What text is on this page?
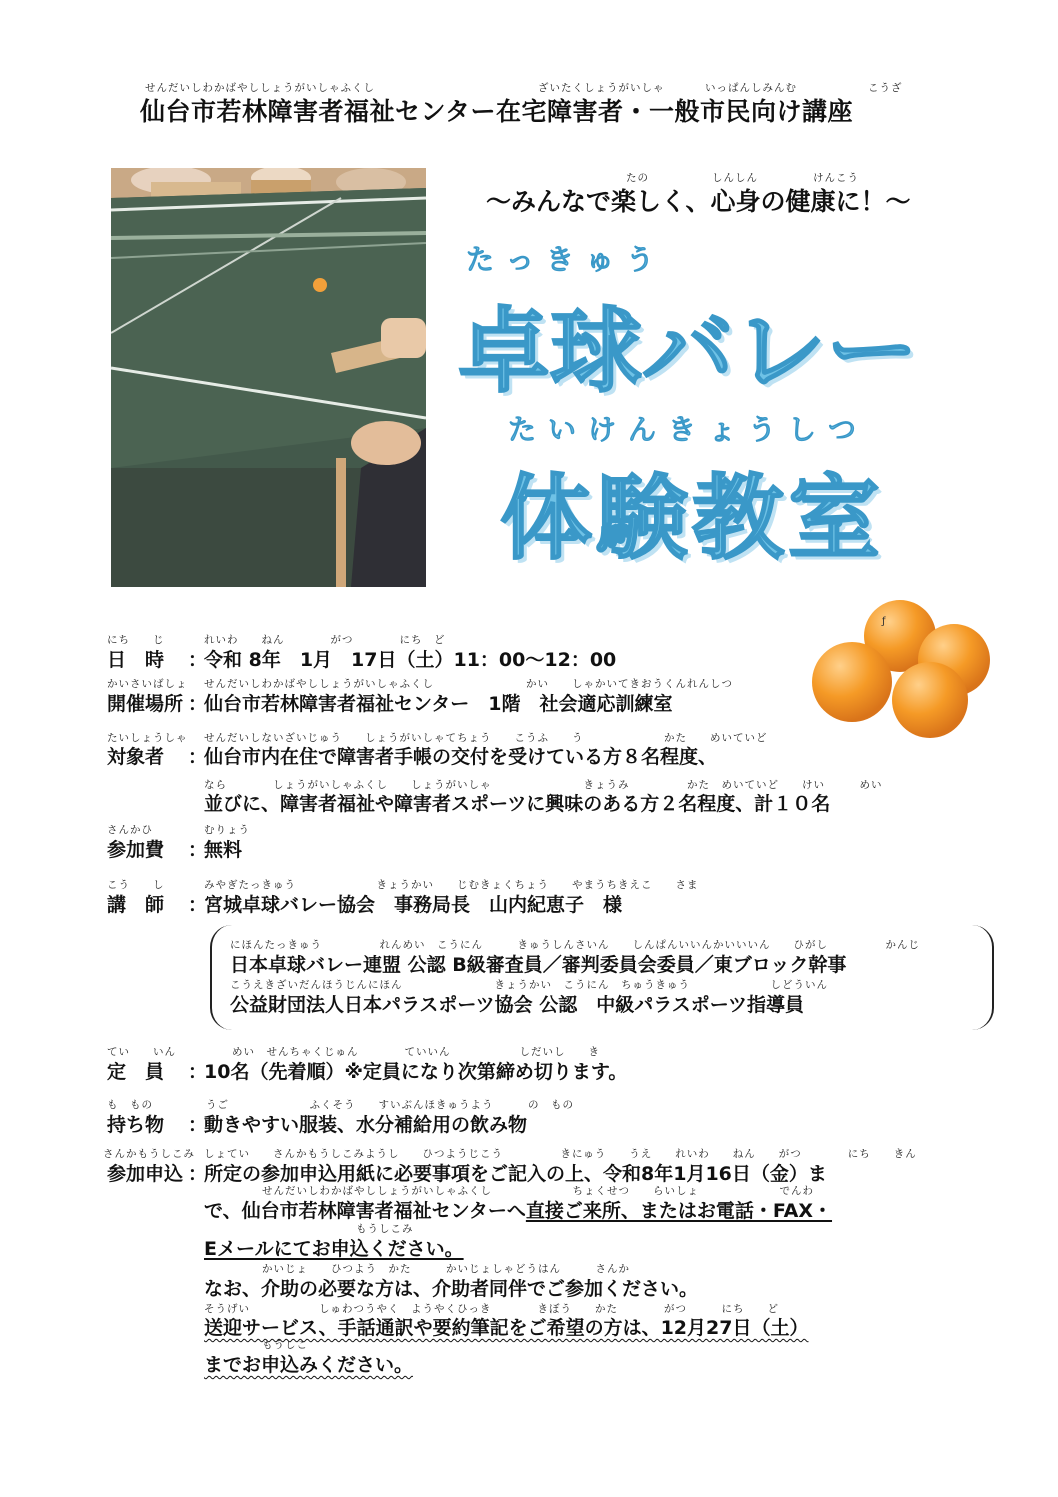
せんだいしわかばやししょうがいしゃふくし	ざいたくしょうがいしゃ	いっぱんしみんむ	こうざ
仙台市若林障害者福祉センター在宅障害者・一般市民向け講座
たの	しんしん	けんこう
～みんなで楽しく、心身の健康に！～
たっきゅう
卓球バレー
たいけんきょうしつ
体験教室
ƒ
にち　　じ	れいわ　　ねん　　　　がつ　　　　にち　ど
日　時 ：
令和 8年　1月　17日（土）11：00～12：00
かいさいばしょ せんだいしわかばやししょうがいしゃふくし　　　　　　　　かい　　しゃかいてきおうくんれんしつ
開催場所 ：
仙台市若林障害者福祉センター　1階　社会適応訓練室
たいしょうしゃ せんだいしないざいじゅう　　しょうがいしゃてちょう　　こうふ　　う　　　　　　　かた　　めいていど
対象者 ：
仙台市内在住で障害者手帳の交付を受けている方８名程度、
なら　　　　しょうがいしゃふくし　　しょうがいしゃ　　　　　　　　きょうみ　　　　　かた　めいていど　　けい　　　めい
並びに、障害者福祉や障害者スポーツに興味のある方２名程度、計１０名
さんかひ	むりょう
参加費 ：
無料
こう　　し	みやぎたっきゅう　　　　　　　きょうかい　　じむきょくちょう　　やまうちきえこ　　さま
講　師 ：
宮城卓球バレー協会　事務局長　山内紀恵子　様
にほんたっきゅう　　　　　れんめい　こうにん　　　きゅうしんさいん　　しんぱんいいんかいいいん　　ひがし　　　　　かんじ
日本卓球バレー連盟 公認 B級審査員／審判委員会委員／東ブロック幹事
こうえきざいだんほうじんにほん　　　　　　　　きょうかい　こうにん　ちゅうきゅう　　　　　　　しどういん
公益財団法人日本パラスポーツ協会 公認　中級パラスポーツ指導員
てい　　いん	めい　せんちゃくじゅん　　　　ていいん　　　　　　しだいし　　き
定　員 ：
10名（先着順）※定員になり次第締め切ります。
も　もの	うご　　　　　　　ふくそう　　すいぶんほきゅうよう　　　の　もの
持ち物 ：
動きやすい服装、水分補給用の飲み物
さんかもうしこみ しょてい　　さんかもうしこみようし　　ひつようじこう　　　　　きにゅう　　うえ　　れいわ　　ねん　　がつ　　　　にち　　きん
参加申込 ：
所定の参加申込用紙に必要事項をご記入の上、令和8年1月16日（金）ま
せんだいしわかばやししょうがいしゃふくし　　　　　　　ちょくせつ　　らいしょ　　　　　　　でんわ
で、仙台市若林障害者福祉センターへ直接ご来所、またはお電話・FAX・
もうしこみ
Eメールにてお申込ください。
かいじょ　　ひつよう　かた　　　かいじょしゃどうはん　　　さんか
なお、介助の必要な方は、介助者同伴でご参加ください。
そうげい　　　　　　しゅわつうやく　ようやくひっき　　　　きぼう　　かた　　　　がつ　　　にち　　ど
送迎サービス、手話通訳や要約筆記をご希望の方は、12月27日（土）
もうしこ
までお申込みください。
